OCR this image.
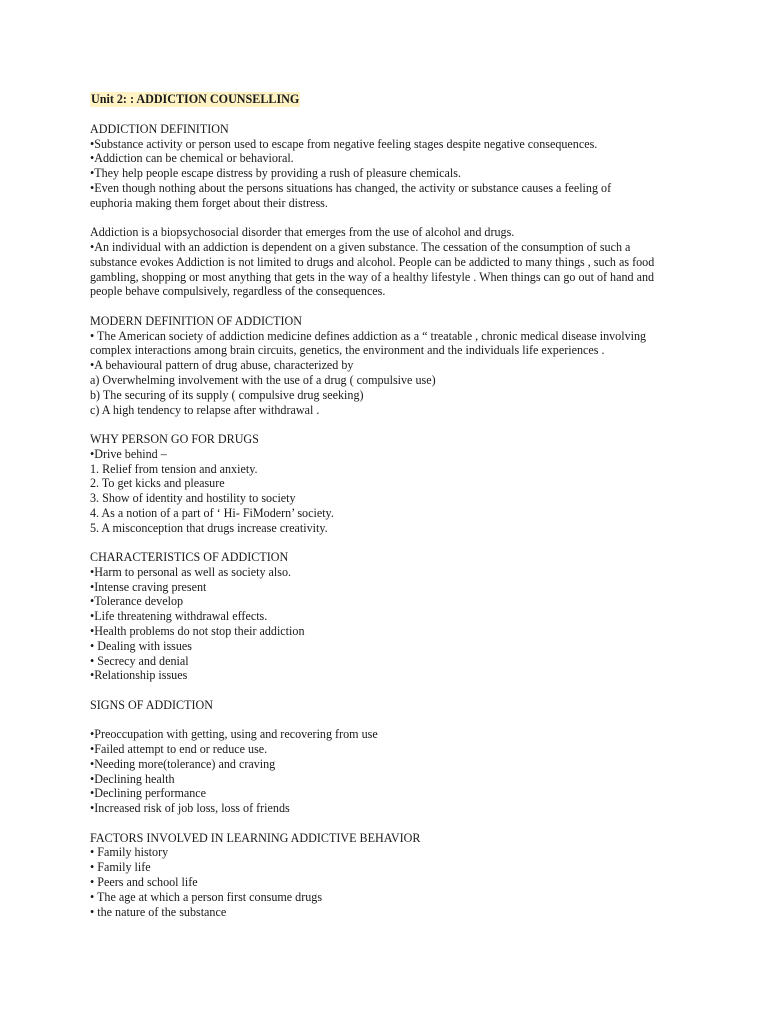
Unit 2: : ADDICTION COUNSELLING
ADDICTION DEFINITION
•Substance activity or person used to escape from negative feeling stages despite negative consequences.
•Addiction can be chemical or behavioral.
•They help people escape distress by providing a rush of pleasure chemicals.
•Even though nothing about the persons situations has changed, the activity or substance causes a feeling of
euphoria making them forget about their distress.
Addiction is a biopsychosocial disorder that emerges from the use of alcohol and drugs.
•An individual with an addiction is dependent on a given substance. The cessation of the consumption of such a
substance evokes Addiction is not limited to drugs and alcohol. People can be addicted to many things , such as food
gambling, shopping or most anything that gets in the way of a healthy lifestyle . When things can go out of hand and
people behave compulsively, regardless of the consequences.
MODERN DEFINITION OF ADDICTION
• The American society of addiction medicine defines addiction as a “ treatable , chronic medical disease involving
complex interactions among brain circuits, genetics, the environment and the individuals life experiences .
•A behavioural pattern of drug abuse, characterized by
a) Overwhelming involvement with the use of a drug ( compulsive use)
b) The securing of its supply ( compulsive drug seeking)
c) A high tendency to relapse after withdrawal .
WHY PERSON GO FOR DRUGS
•Drive behind –
1. Relief from tension and anxiety.
2. To get kicks and pleasure
3. Show of identity and hostility to society
4. As a notion of a part of ‘ Hi- FiModern’ society.
5. A misconception that drugs increase creativity.
CHARACTERISTICS OF ADDICTION
•Harm to personal as well as society also.
•Intense craving present
•Tolerance develop
•Life threatening withdrawal effects.
•Health problems do not stop their addiction
• Dealing with issues
• Secrecy and denial
•Relationship issues
SIGNS OF ADDICTION
•Preoccupation with getting, using and recovering from use
•Failed attempt to end or reduce use.
•Needing more(tolerance) and craving
•Declining health
•Declining performance
•Increased risk of job loss, loss of friends
FACTORS INVOLVED IN LEARNING ADDICTIVE BEHAVIOR
• Family history
• Family life
• Peers and school life
• The age at which a person first consume drugs
• the nature of the substance
